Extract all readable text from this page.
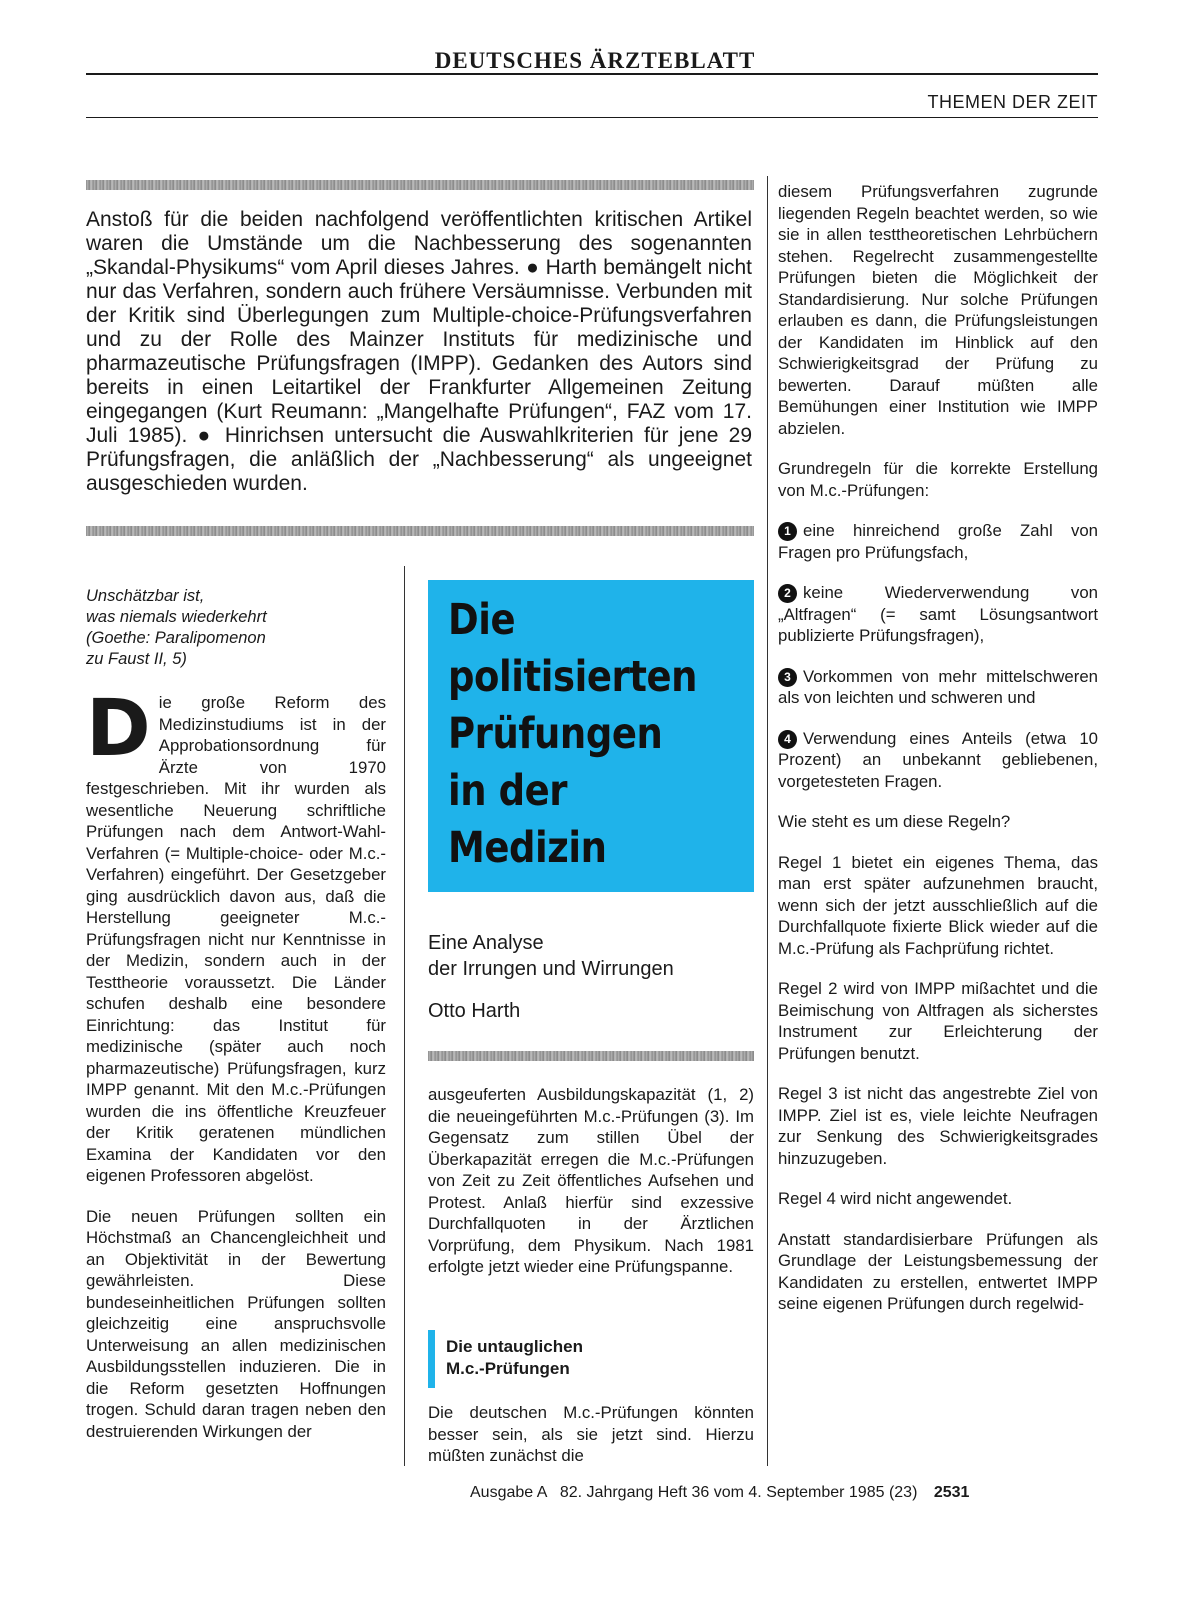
DEUTSCHES ÄRZTEBLATT
THEMEN DER ZEIT

Anstoß für die beiden nachfolgend veröffentlichten kritischen Artikel waren die Umstände um die Nachbesserung des sogenannten „Skandal-Physikums“ vom April dieses Jahres. ● Harth bemängelt nicht nur das Verfahren, sondern auch frühere Versäumnisse. Verbunden mit der Kritik sind Überlegungen zum Multiple-choice-Prüfungsverfahren und zu der Rolle des Mainzer Instituts für medizinische und pharmazeutische Prüfungsfragen (IMPP). Gedanken des Autors sind bereits in einen Leitartikel der Frankfurter Allgemeinen Zeitung eingegangen (Kurt Reumann: „Mangelhafte Prüfungen“, FAZ vom 17. Juli 1985). ● Hinrichsen untersucht die Auswahlkriterien für jene 29 Prüfungsfragen, die anläßlich der „Nachbesserung“ als ungeeignet ausgeschieden wurden.

Unschätzbar ist,
was niemals wiederkehrt
(Goethe: Paralipomenon
zu Faust II, 5)

Die große Reform des Medizinstudiums ist in der Approbationsordnung für Ärzte von 1970 festgeschrieben. Mit ihr wurden als wesentliche Neuerung schriftliche Prüfungen nach dem Antwort-Wahl-Verfahren (= Multiple-choice- oder M.c.-Verfahren) eingeführt. Der Gesetzgeber ging ausdrücklich davon aus, daß die Herstellung geeigneter M.c.-Prüfungsfragen nicht nur Kenntnisse in der Medizin, sondern auch in der Testtheorie voraussetzt. Die Länder schufen deshalb eine besondere Einrichtung: das Institut für medizinische (später auch noch pharmazeutische) Prüfungsfragen, kurz IMPP genannt. Mit den M.c.-Prüfungen wurden die ins öffentliche Kreuzfeuer der Kritik geratenen mündlichen Examina der Kandidaten vor den eigenen Professoren abgelöst.

Die neuen Prüfungen sollten ein Höchstmaß an Chancengleichheit und an Objektivität in der Bewertung gewährleisten. Diese bundeseinheitlichen Prüfungen sollten gleichzeitig eine anspruchsvolle Unterweisung an allen medizinischen Ausbildungsstellen induzieren. Die in die Reform gesetzten Hoffnungen trogen. Schuld daran tragen neben den destruierenden Wirkungen der

Die
politisierten
Prüfungen
in der
Medizin
Eine Analyse
der Irrungen und Wirrungen
Otto Harth

ausgeuferten Ausbildungskapazität (1, 2) die neueingeführten M.c.-Prüfungen (3). Im Gegensatz zum stillen Übel der Überkapazität erregen die M.c.-Prüfungen von Zeit zu Zeit öffentliches Aufsehen und Protest. Anlaß hierfür sind exzessive Durchfallquoten in der Ärztlichen Vorprüfung, dem Physikum. Nach 1981 erfolgte jetzt wieder eine Prüfungspanne.

Die untauglichen
M.c.-Prüfungen

Die deutschen M.c.-Prüfungen könnten besser sein, als sie jetzt sind. Hierzu müßten zunächst die

diesem Prüfungsverfahren zugrunde liegenden Regeln beachtet werden, so wie sie in allen testtheoretischen Lehrbüchern stehen. Regelrecht zusammengestellte Prüfungen bieten die Möglichkeit der Standardisierung. Nur solche Prüfungen erlauben es dann, die Prüfungsleistungen der Kandidaten im Hinblick auf den Schwierigkeitsgrad der Prüfung zu bewerten. Darauf müßten alle Bemühungen einer Institution wie IMPP abzielen.

Grundregeln für die korrekte Erstellung von M.c.-Prüfungen:

1 eine hinreichend große Zahl von Fragen pro Prüfungsfach,

2 keine Wiederverwendung von „Altfragen“ (= samt Lösungsantwort publizierte Prüfungsfragen),

3 Vorkommen von mehr mittelschweren als von leichten und schweren und

4 Verwendung eines Anteils (etwa 10 Prozent) an unbekannt gebliebenen, vorgetesteten Fragen.

Wie steht es um diese Regeln?

Regel 1 bietet ein eigenes Thema, das man erst später aufzunehmen braucht, wenn sich der jetzt ausschließlich auf die Durchfallquote fixierte Blick wieder auf die M.c.-Prüfung als Fachprüfung richtet.

Regel 2 wird von IMPP mißachtet und die Beimischung von Altfragen als sicherstes Instrument zur Erleichterung der Prüfungen benutzt.

Regel 3 ist nicht das angestrebte Ziel von IMPP. Ziel ist es, viele leichte Neufragen zur Senkung des Schwierigkeitsgrades hinzuzugeben.

Regel 4 wird nicht angewendet.

Anstatt standardisierbare Prüfungen als Grundlage der Leistungsbemessung der Kandidaten zu erstellen, entwertet IMPP seine eigenen Prüfungen durch regelwid-

Ausgabe A   82. Jahrgang Heft 36 vom 4. September 1985 (23) 2531
